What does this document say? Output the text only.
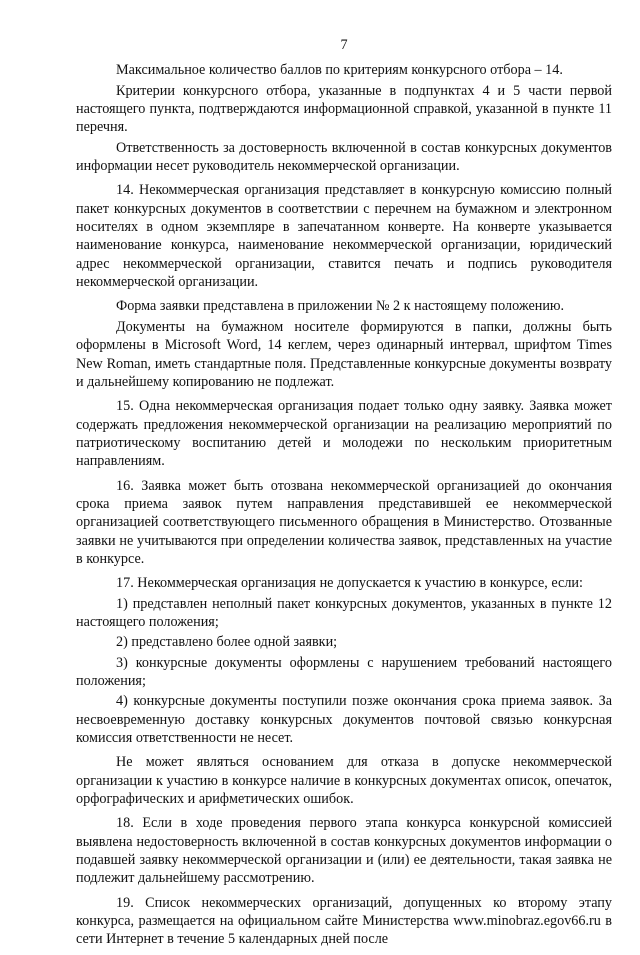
7

Максимальное количество баллов по критериям конкурсного отбора – 14.

Критерии конкурсного отбора, указанные в подпунктах 4 и 5 части первой настоящего пункта, подтверждаются информационной справкой, указанной в пункте 11 перечня.

Ответственность за достоверность включенной в состав конкурсных документов информации несет руководитель некоммерческой организации.

14. Некоммерческая организация представляет в конкурсную комиссию полный пакет конкурсных документов в соответствии с перечнем на бумажном и электронном носителях в одном экземпляре в запечатанном конверте. На конверте указывается наименование конкурса, наименование некоммерческой организации, юридический адрес некоммерческой организации, ставится печать и подпись руководителя некоммерческой организации.

Форма заявки представлена в приложении № 2 к настоящему положению.

Документы на бумажном носителе формируются в папки, должны быть оформлены в Microsoft Word, 14 кеглем, через одинарный интервал, шрифтом Times New Roman, иметь стандартные поля. Представленные конкурсные документы возврату и дальнейшему копированию не подлежат.

15. Одна некоммерческая организация подает только одну заявку. Заявка может содержать предложения некоммерческой организации на реализацию мероприятий по патриотическому воспитанию детей и молодежи по нескольким приоритетным направлениям.

16. Заявка может быть отозвана некоммерческой организацией до окончания срока приема заявок путем направления представившей ее некоммерческой организацией соответствующего письменного обращения в Министерство. Отозванные заявки не учитываются при определении количества заявок, представленных на участие в конкурсе.

17. Некоммерческая организация не допускается к участию в конкурсе, если:

1) представлен неполный пакет конкурсных документов, указанных в пункте 12 настоящего положения;

2) представлено более одной заявки;

3) конкурсные документы оформлены с нарушением требований настоящего положения;

4) конкурсные документы поступили позже окончания срока приема заявок. За несвоевременную доставку конкурсных документов почтовой связью конкурсная комиссия ответственности не несет.

Не может являться основанием для отказа в допуске некоммерческой организации к участию в конкурсе наличие в конкурсных документах описок, опечаток, орфографических и арифметических ошибок.

18. Если в ходе проведения первого этапа конкурса конкурсной комиссией выявлена недостоверность включенной в состав конкурсных документов информации о подавшей заявку некоммерческой организации и (или) ее деятельности, такая заявка не подлежит дальнейшему рассмотрению.

19. Список некоммерческих организаций, допущенных ко второму этапу конкурса, размещается на официальном сайте Министерства www.minobraz.egov66.ru в сети Интернет в течение 5 календарных дней после
